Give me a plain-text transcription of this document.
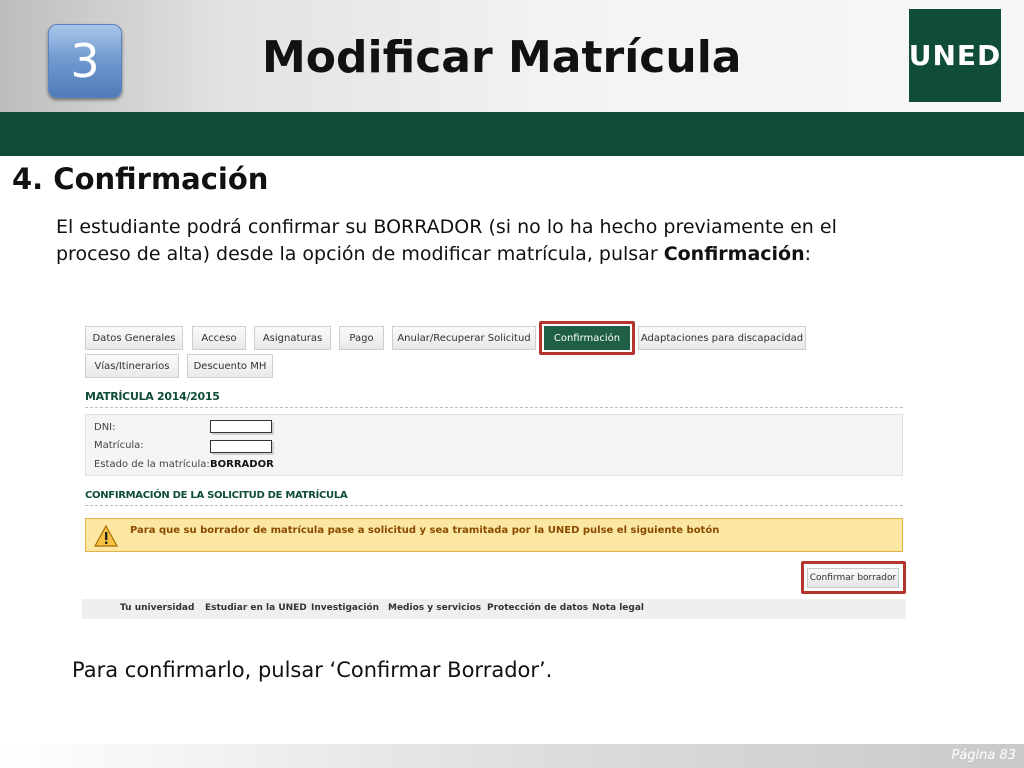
3	Modificar Matrícula	UNED
4. Confirmación
El estudiante podrá confirmar su BORRADOR (si no lo ha hecho previamente en el proceso de alta) desde la opción de modificar matrícula, pulsar Confirmación:
Datos Generales	Acceso	Asignaturas	Pago	Anular/Recuperar Solicitud	Confirmación	Adaptaciones para discapacidad
Vías/Itinerarios	Descuento MH
MATRÍCULA 2014/2015
DNI:
Matrícula:
Estado de la matrícula: BORRADOR
CONFIRMACIÓN DE LA SOLICITUD DE MATRÍCULA
Para que su borrador de matrícula pase a solicitud y sea tramitada por la UNED pulse el siguiente botón
Confirmar borrador
Tu universidad Estudiar en la UNED Investigación Medios y servicios Protección de datos Nota legal
Para confirmarlo, pulsar ‘Confirmar Borrador’.
Página 83
